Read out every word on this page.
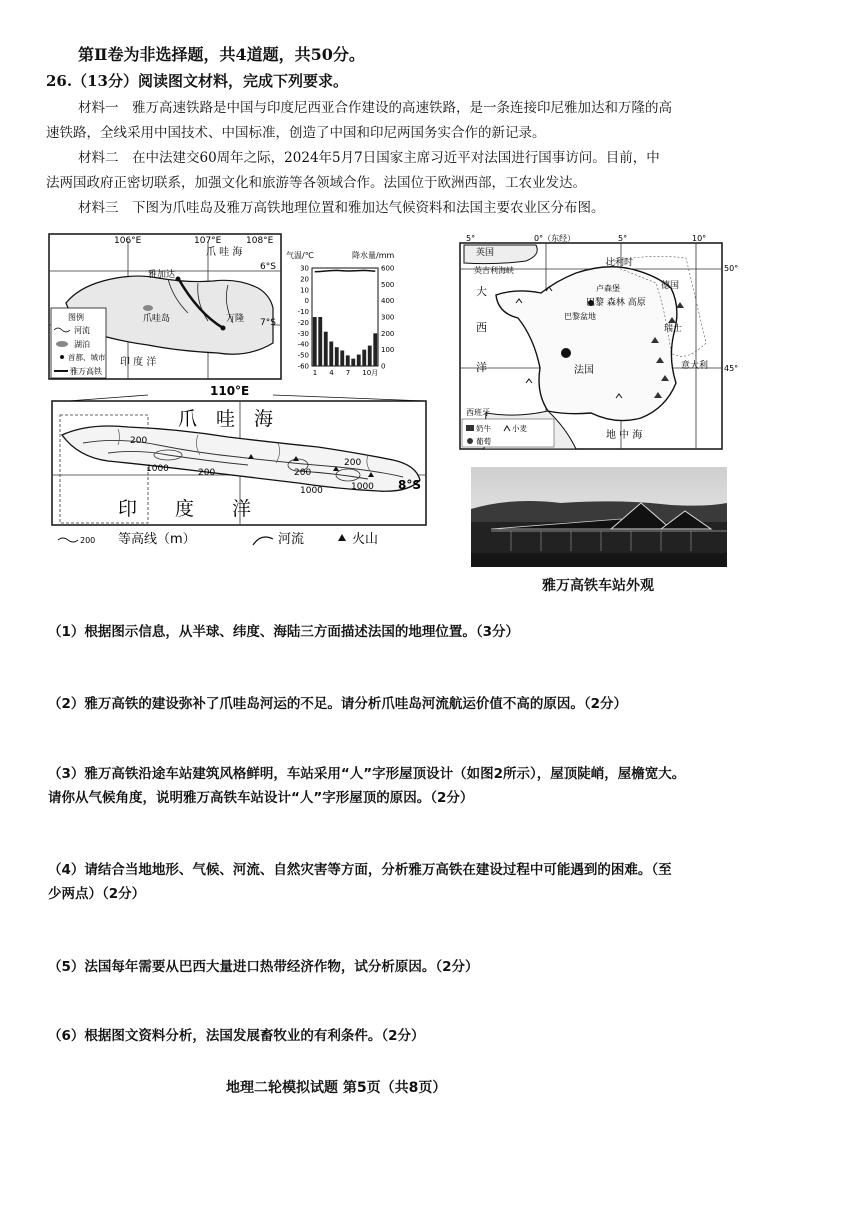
第Ⅱ卷为非选择题，共4道题，共50分。
26.（13分）阅读图文材料，完成下列要求。
材料一　雅万高速铁路是中国与印度尼西亚合作建设的高速铁路，是一条连接印尼雅加达和万隆的高
速铁路，全线采用中国技术、中国标准，创造了中国和印尼两国务实合作的新记录。
材料二　在中法建交60周年之际，2024年5月7日国家主席习近平对法国进行国事访问。目前，中
法两国政府正密切联系，加强文化和旅游等各领域合作。法国位于欧洲西部，工农业发达。
材料三　下图为爪哇岛及雅万高铁地理位置和雅加达气候资料和法国主要农业区分布图。
106°E	107°E	108°E
6°S
7°S
爪 哇 海
雅加达
爪哇岛	万隆
印 度 洋
图例
河流
湖泊
首都、城市
雅万高铁
气温/℃	降水量/mm
30
20
10
0
-10
-20
-30
-40
-50
-60
600
500
400
300
200
100
0
1 4 7 10月
110°E
爪　哇　海
印　　度　　洋
8°S
200
1000	200	200
1000
200
1000
200 等高线（m）	河流	火山
5°	0°（东经）	5°	10°
50°
45°
英国
英吉利海峡
比利时
德国
卢森堡
巴黎 森林 高原
巴黎盆地
瑞士
意大利
大
西
洋	法国
西班牙
地 中 海
奶牛	小麦
葡萄
雅万高铁车站外观
（1）根据图示信息，从半球、纬度、海陆三方面描述法国的地理位置。（3分）
（2）雅万高铁的建设弥补了爪哇岛河运的不足。请分析爪哇岛河流航运价值不高的原因。（2分）
（3）雅万高铁沿途车站建筑风格鲜明，车站采用“人”字形屋顶设计（如图2所示），屋顶陡峭，屋檐宽大。
请你从气候角度，说明雅万高铁车站设计“人”字形屋顶的原因。（2分）
（4）请结合当地地形、气候、河流、自然灾害等方面，分析雅万高铁在建设过程中可能遇到的困难。（至
少两点）（2分）
（5）法国每年需要从巴西大量进口热带经济作物，试分析原因。（2分）
（6）根据图文资料分析，法国发展畜牧业的有利条件。（2分）
地理二轮模拟试题 第5页（共8页）
